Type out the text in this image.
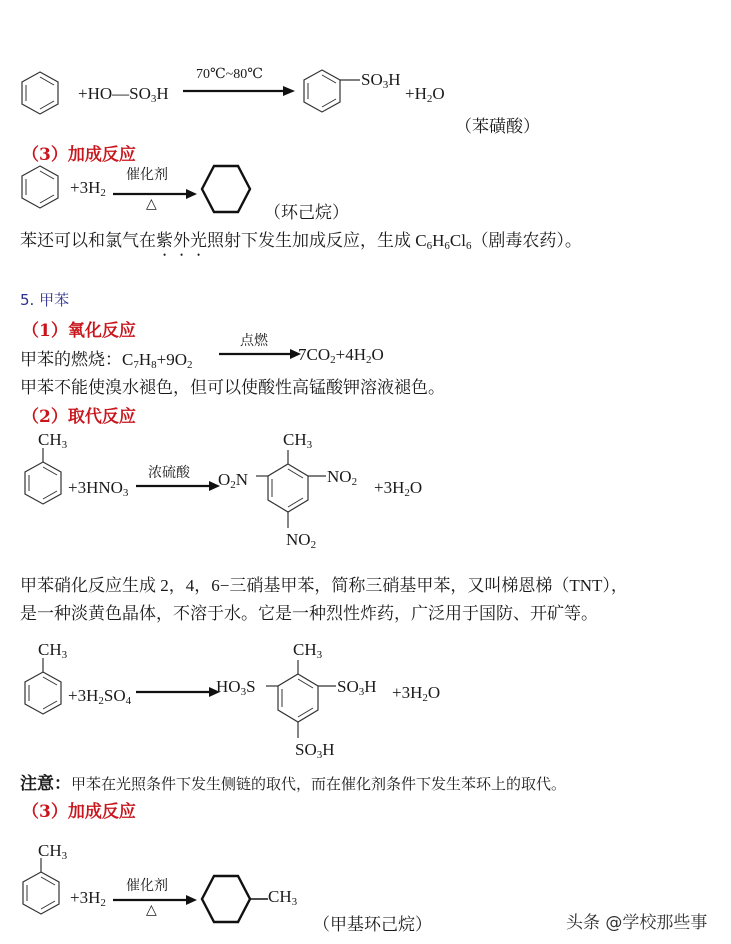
$+HO—SO_3H$
70℃~80℃	$SO_3H$
$+H_2O$
（苯磺酸）
（3）加成反应
$+3H_2$
催化剂
△	（环己烷）
苯还可以和氯气在紫外光照射下发生加成反应，生成 $C_6H_6Cl_6$（剧毒农药）。
5. 甲苯
（1）氧化反应
甲苯的燃烧：$C_7H_8+9O_2$
点燃
$7CO_2+4H_2O$
甲苯不能使溴水褪色，但可以使酸性高锰酸钾溶液褪色。
（2）取代反应
$CH_3$
$+3HNO_3$
浓硫酸 $O_2N$
$CH_3$
$NO_2$
$NO_2$
$+3H_2O$
甲苯硝化反应生成 2，4，6−三硝基甲苯，简称三硝基甲苯，又叫梯恩梯（TNT），
是一种淡黄色晶体，不溶于水。它是一种烈性炸药，广泛用于国防、开矿等。
$CH_3$
$+3H_2SO_4$
$HO_3S$
$CH_3$
$SO_3H$
$SO_3H$
$+3H_2O$
注意：甲苯在光照条件下发生侧链的取代，而在催化剂条件下发生苯环上的取代。
（3）加成反应
$CH_3$
$+3H_2$
催化剂
△
$CH_3$
（甲基环己烷）	头条 @学校那些事
